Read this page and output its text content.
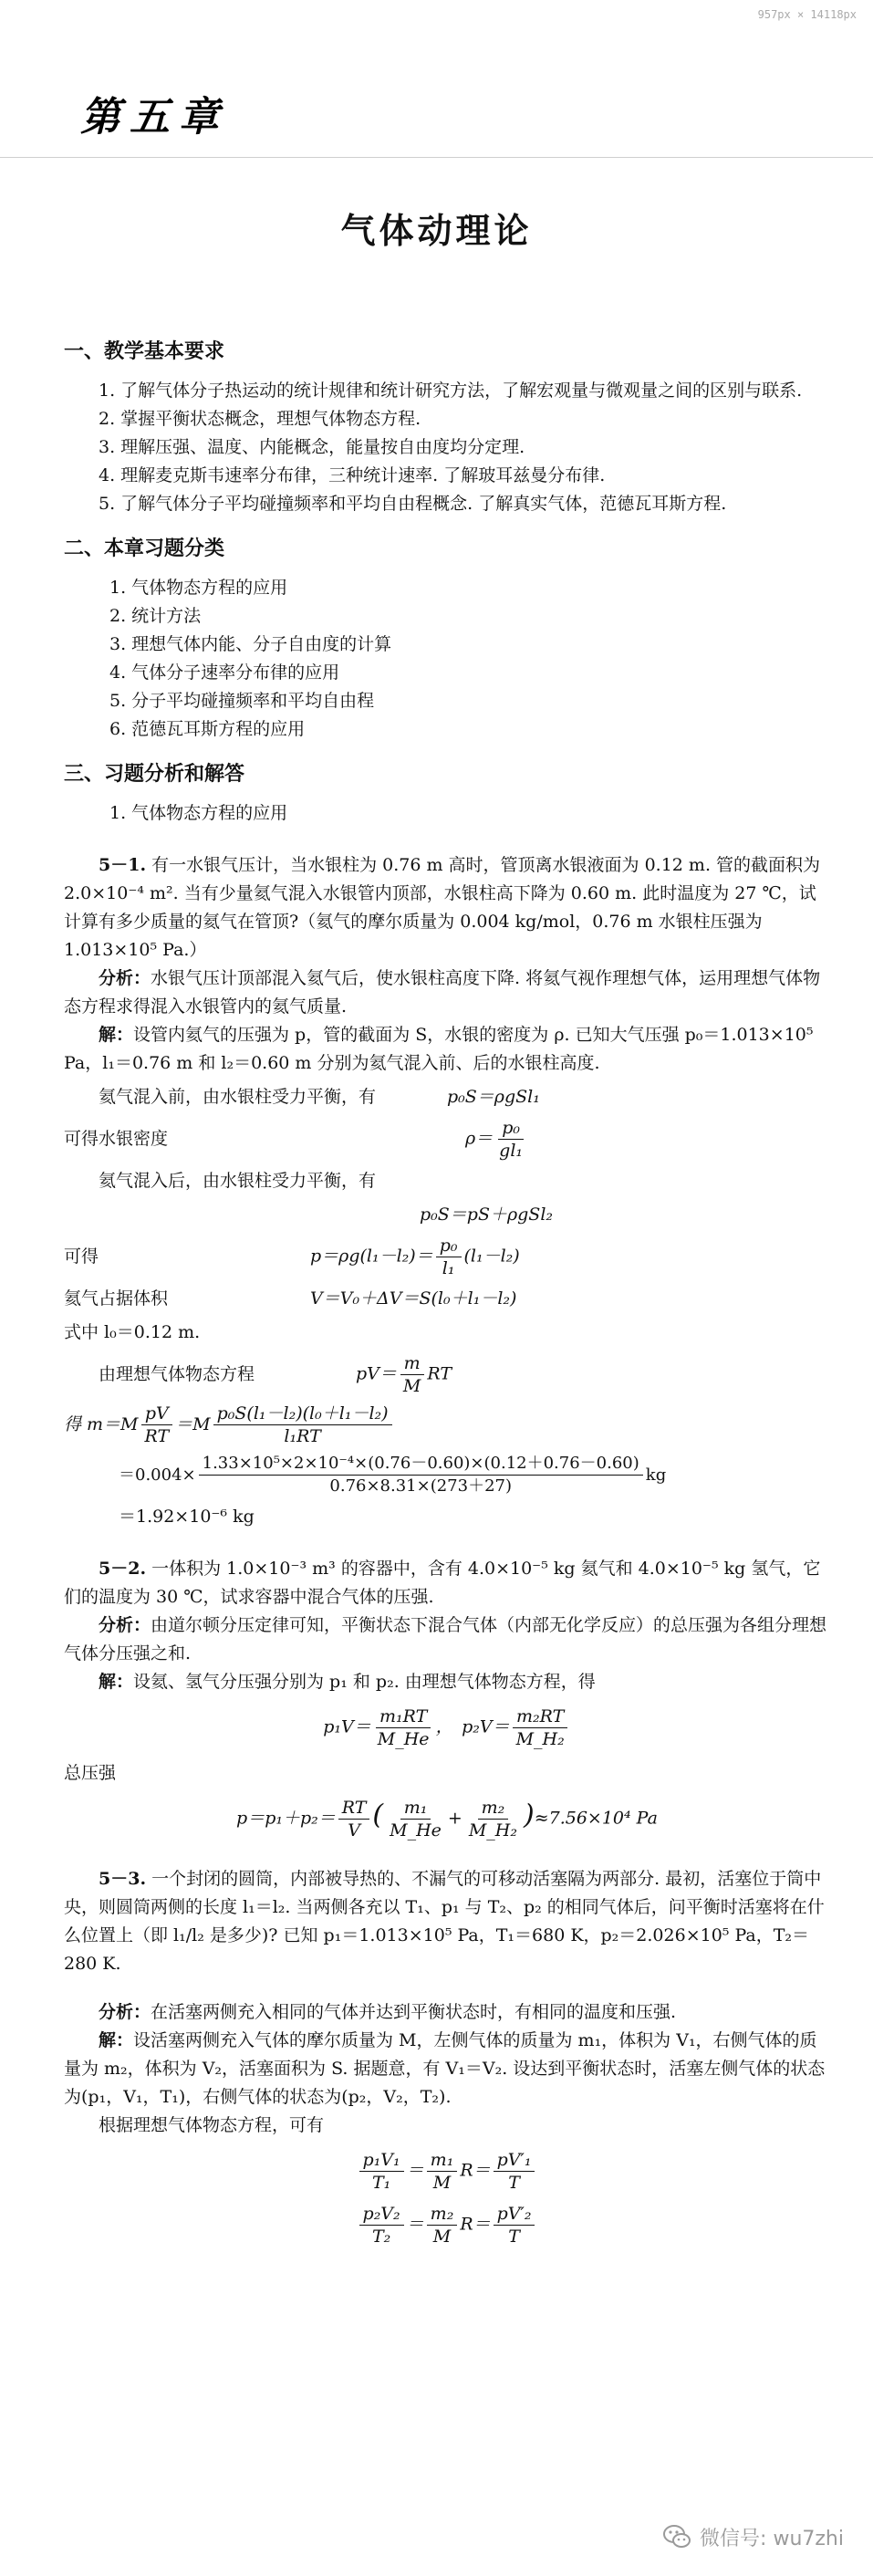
957px × 14118px
第五章
气体动理论
一、教学基本要求

1. 了解气体分子热运动的统计规律和统计研究方法，了解宏观量与微观量之间的区别与联系.

2. 掌握平衡状态概念，理想气体物态方程.

3. 理解压强、温度、内能概念，能量按自由度均分定理.

4. 理解麦克斯韦速率分布律，三种统计速率. 了解玻耳兹曼分布律.

5. 了解气体分子平均碰撞频率和平均自由程概念. 了解真实气体，范德瓦耳斯方程.

二、本章习题分类

1. 气体物态方程的应用

2. 统计方法

3. 理想气体内能、分子自由度的计算

4. 气体分子速率分布律的应用

5. 分子平均碰撞频率和平均自由程

6. 范德瓦耳斯方程的应用

三、习题分析和解答

1. 气体物态方程的应用

5－1. 有一水银气压计，当水银柱为 0.76 m 高时，管顶离水银液面为 0.12 m. 管的截面积为 2.0×10⁻⁴ m². 当有少量氦气混入水银管内顶部，水银柱高下降为 0.60 m. 此时温度为 27 ℃，试计算有多少质量的氦气在管顶?（氦气的摩尔质量为 0.004 kg/mol，0.76 m 水银柱压强为 1.013×10⁵ Pa.）

分析：水银气压计顶部混入氦气后，使水银柱高度下降. 将氦气视作理想气体，运用理想气体物态方程求得混入水银管内的氦气质量.

解：设管内氦气的压强为 p，管的截面为 S，水银的密度为 ρ. 已知大气压强 p₀＝1.013×10⁵ Pa，l₁＝0.76 m 和 l₂＝0.60 m 分别为氦气混入前、后的水银柱高度.

氦气混入前，由水银柱受力平衡，有	p₀S＝ρgSl₁
可得水银密度	$\rho= \frac{\text{p₀}}{\text{gl₁}}$
氦气混入后，由水银柱受力平衡，有
p₀S＝pS＋ρgSl₂
可得	$p=\rho g(l_1-l_2)= \frac{\text{p₀}}{\text{l₁}} (l_1-l_2)$
氦气占据体积	V＝V₀＋ΔV＝S(l₀＋l₁－l₂)

式中 l₀＝0.12 m.

由理想气体物态方程	$pV= \frac{m}{M}$ RT
得 $m=M \frac{pV}{RT} =M \frac{\text{p₀S(l₁－l₂)(l₀＋l₁－l₂)}}{\text{l₁RT}}$
$=0.004\times \frac{\text{1.33×10⁵×2×10⁻⁴×(0.76－0.60)×(0.12＋0.76－0.60)}}{0.76\times 8.31\times(273+27)}$ kg

＝1.92×10⁻⁶ kg

5－2. 一体积为 1.0×10⁻³ m³ 的容器中，含有 4.0×10⁻⁵ kg 氦气和 4.0×10⁻⁵ kg 氢气，它们的温度为 30 ℃，试求容器中混合气体的压强.

分析：由道尔顿分压定律可知，平衡状态下混合气体（内部无化学反应）的总压强为各组分理想气体分压强之和.

解：设氦、氢气分压强分别为 p₁ 和 p₂. 由理想气体物态方程，得

$p_1V= \frac{\text{m₁RT}}{M\_He}$ ，　$p_2V= \frac{\text{m₂RT}}{\text{M\_H₂}}$

总压强

$p=p_1+p_2= \frac{RT}{V}$ ( $\frac{\text{m₁}}{M\_He} + \frac{\text{m₂}}{\text{M\_H₂}} )\approx 7.56\times 10^4$ Pa

5－3. 一个封闭的圆筒，内部被导热的、不漏气的可移动活塞隔为两部分. 最初，活塞位于筒中央，则圆筒两侧的长度 l₁＝l₂. 当两侧各充以 T₁、p₁ 与 T₂、p₂ 的相同气体后，问平衡时活塞将在什么位置上（即 l₁/l₂ 是多少)? 已知 p₁＝1.013×10⁵ Pa，T₁＝680 K，p₂＝2.026×10⁵ Pa，T₂＝280 K.

分析：在活塞两侧充入相同的气体并达到平衡状态时，有相同的温度和压强.

解：设活塞两侧充入气体的摩尔质量为 M，左侧气体的质量为 m₁，体积为 V₁，右侧气体的质量为 m₂，体积为 V₂，活塞面积为 S. 据题意，有 V₁＝V₂. 设达到平衡状态时，活塞左侧气体的状态为(p₁，V₁，T₁)，右侧气体的状态为(p₂，V₂，T₂).

根据理想气体物态方程，可有

$\frac{\text{p₁V₁}}{\text{T₁}} = \frac{\text{m₁}}{M} R= \frac{\text{pV′₁}}{T}$
$\frac{\text{p₂V₂}}{\text{T₂}} = \frac{\text{m₂}}{M} R= \frac{\text{pV′₂}}{T}$
微信号: wu7zhi
